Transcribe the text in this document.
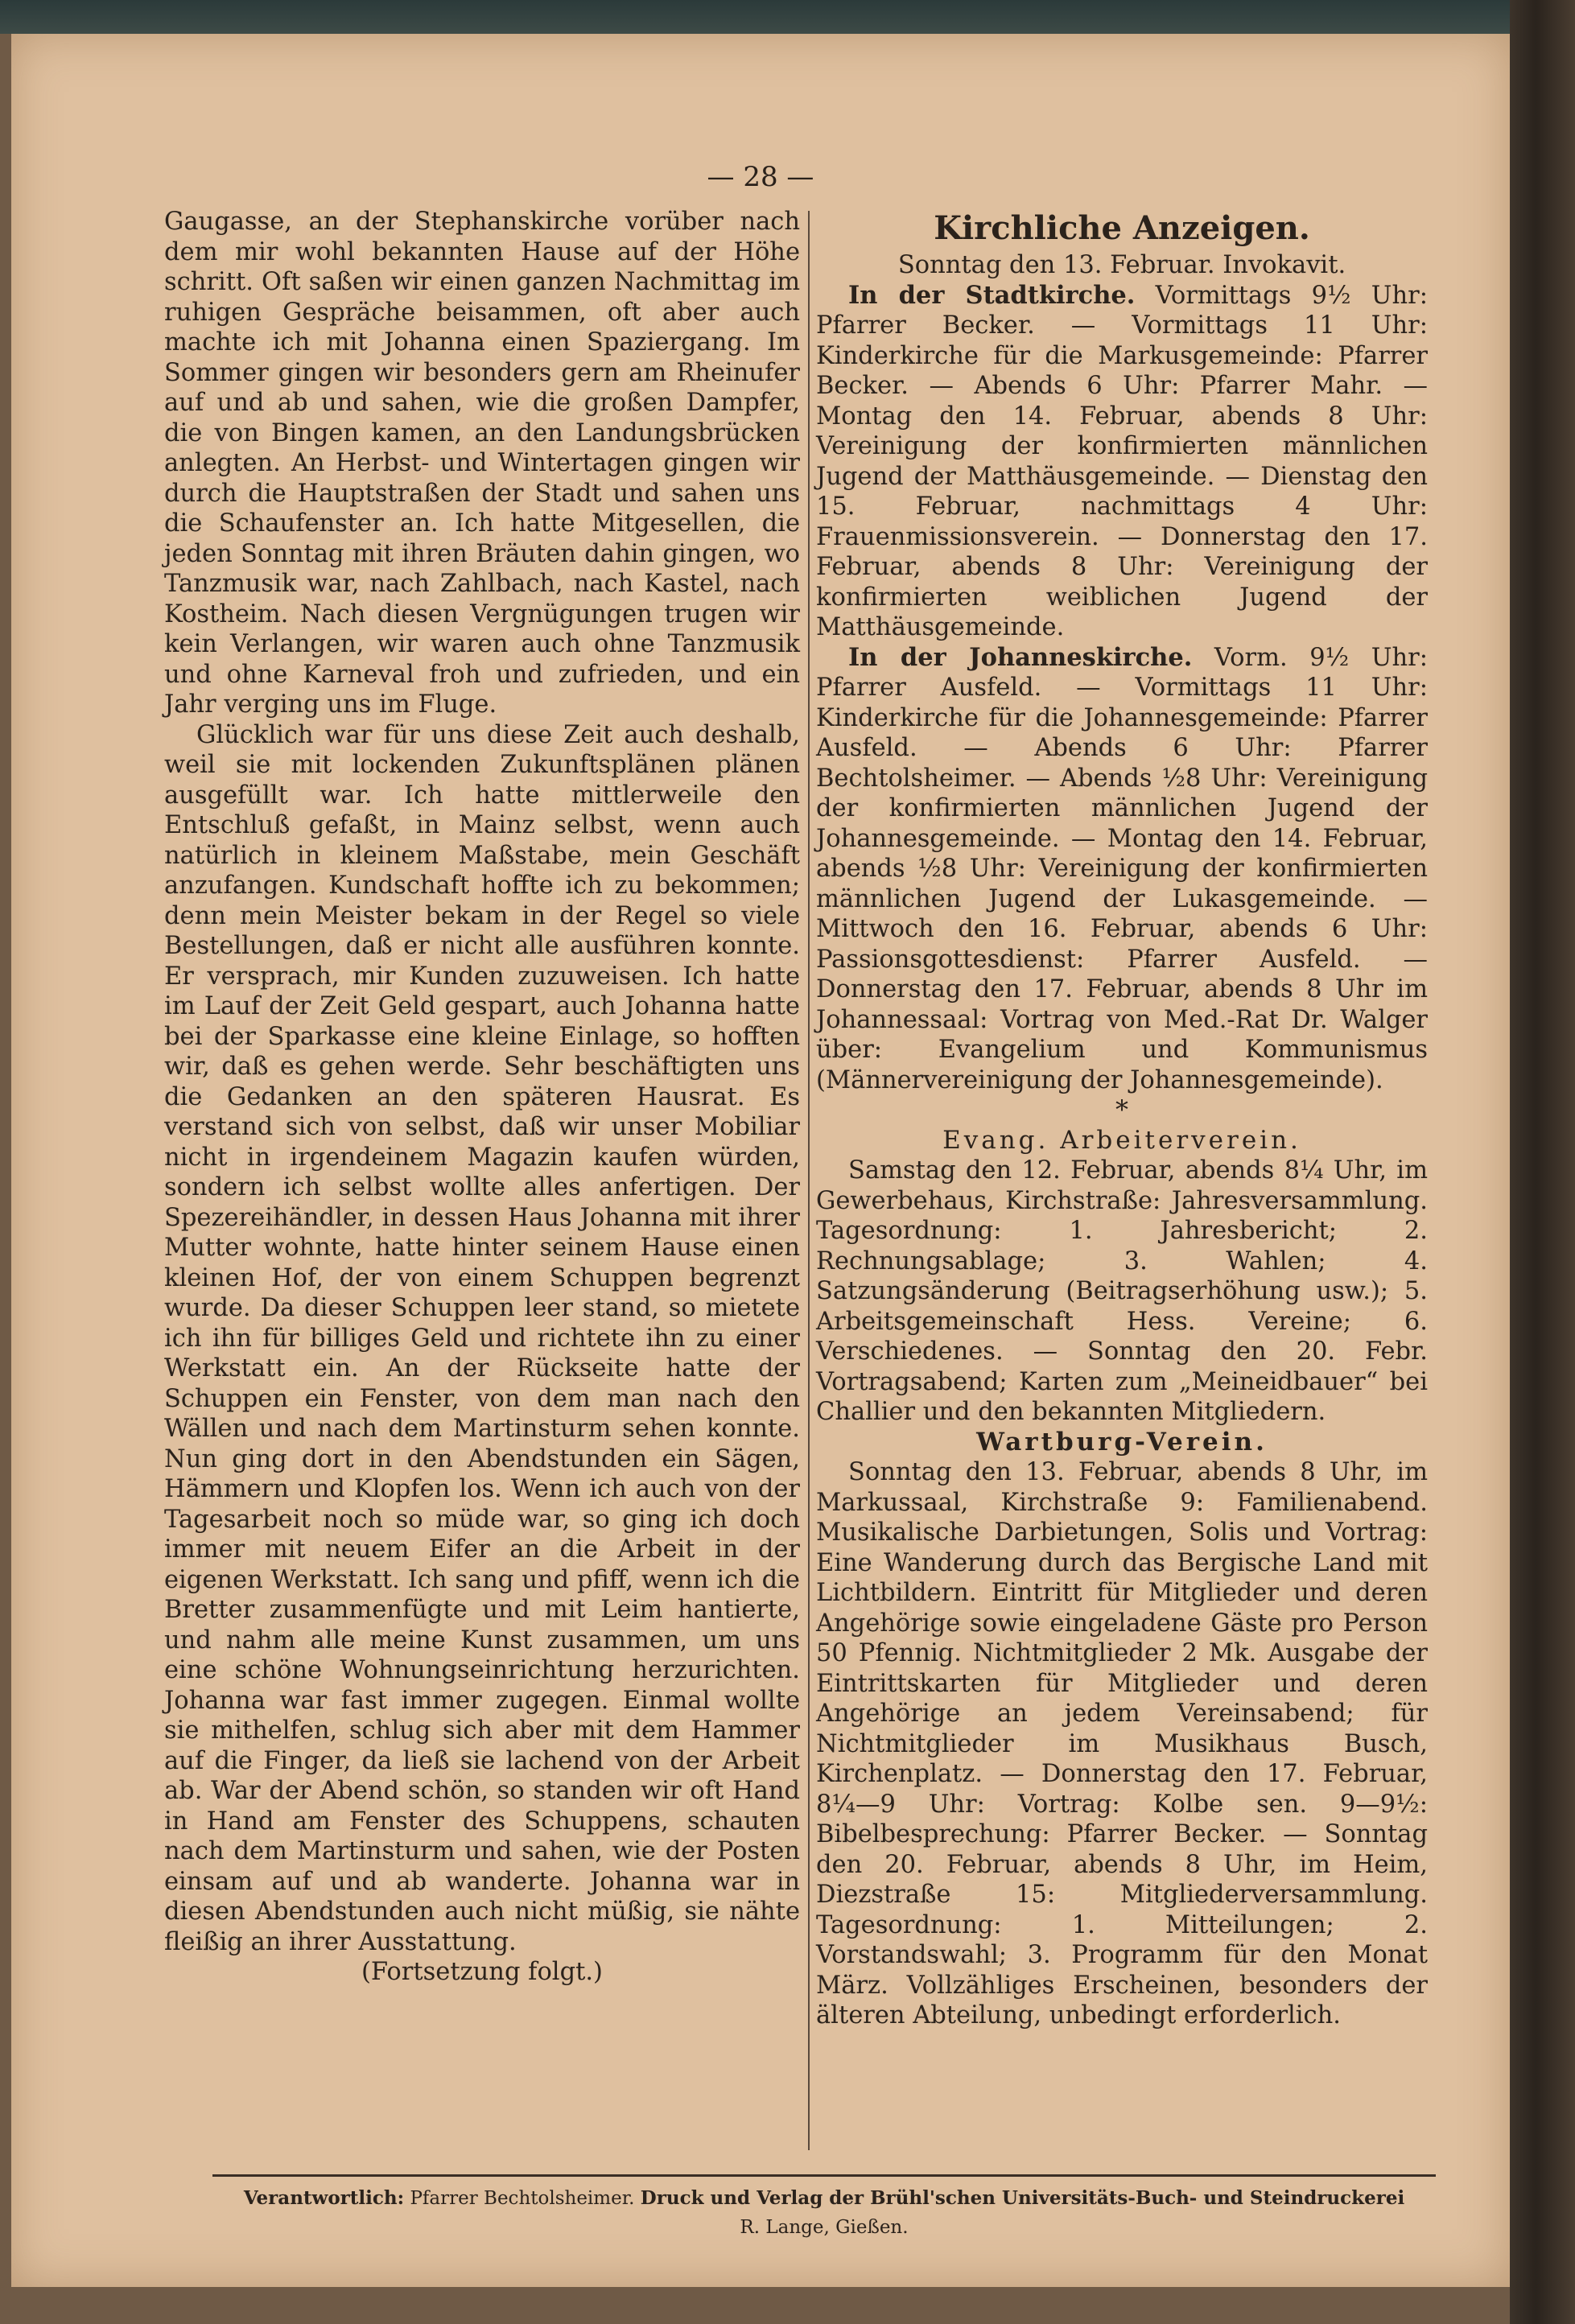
— 28 —

Gaugasse, an der Stephanskirche vorüber nach dem mir wohl bekannten Hause auf der Höhe schritt. Oft saßen wir einen ganzen Nachmittag im ruhigen Gespräche beisammen, oft aber auch machte ich mit Johanna einen Spaziergang. Im Sommer gingen wir besonders gern am Rheinufer auf und ab und sahen, wie die großen Dampfer, die von Bingen kamen, an den Landungsbrücken anlegten. An Herbst- und Wintertagen gingen wir durch die Hauptstraßen der Stadt und sahen uns die Schaufenster an. Ich hatte Mitgesellen, die jeden Sonntag mit ihren Bräuten dahin gingen, wo Tanzmusik war, nach Zahlbach, nach Kastel, nach Kostheim. Nach diesen Vergnügungen trugen wir kein Verlangen, wir waren auch ohne Tanzmusik und ohne Karneval froh und zufrieden, und ein Jahr verging uns im Fluge.

Glücklich war für uns diese Zeit auch deshalb, weil sie mit lockenden Zukunftsplänen plänen ausgefüllt war. Ich hatte mittlerweile den Entschluß gefaßt, in Mainz selbst, wenn auch natürlich in kleinem Maßstabe, mein Geschäft anzufangen. Kundschaft hoffte ich zu bekommen; denn mein Meister bekam in der Regel so viele Bestellungen, daß er nicht alle ausführen konnte. Er versprach, mir Kunden zuzuweisen. Ich hatte im Lauf der Zeit Geld gespart, auch Johanna hatte bei der Sparkasse eine kleine Einlage, so hofften wir, daß es gehen werde. Sehr beschäftigten uns die Gedanken an den späteren Hausrat. Es verstand sich von selbst, daß wir unser Mobiliar nicht in irgendeinem Magazin kaufen würden, sondern ich selbst wollte alles anfertigen. Der Spezereihändler, in dessen Haus Johanna mit ihrer Mutter wohnte, hatte hinter seinem Hause einen kleinen Hof, der von einem Schuppen begrenzt wurde. Da dieser Schuppen leer stand, so mietete ich ihn für billiges Geld und richtete ihn zu einer Werkstatt ein. An der Rückseite hatte der Schuppen ein Fenster, von dem man nach den Wällen und nach dem Martinsturm sehen konnte. Nun ging dort in den Abendstunden ein Sägen, Hämmern und Klopfen los. Wenn ich auch von der Tagesarbeit noch so müde war, so ging ich doch immer mit neuem Eifer an die Arbeit in der eigenen Werkstatt. Ich sang und pfiff, wenn ich die Bretter zusammenfügte und mit Leim hantierte, und nahm alle meine Kunst zusammen, um uns eine schöne Wohnungseinrichtung herzurichten. Johanna war fast immer zugegen. Einmal wollte sie mithelfen, schlug sich aber mit dem Hammer auf die Finger, da ließ sie lachend von der Arbeit ab. War der Abend schön, so standen wir oft Hand in Hand am Fenster des Schuppens, schauten nach dem Martinsturm und sahen, wie der Posten einsam auf und ab wanderte. Johanna war in diesen Abendstunden auch nicht müßig, sie nähte fleißig an ihrer Ausstattung.

(Fortsetzung folgt.)

Kirchliche Anzeigen.

Sonntag den 13. Februar. Invokavit.

In der Stadtkirche. Vormittags 9½ Uhr: Pfarrer Becker. — Vormittags 11 Uhr: Kinderkirche für die Markusgemeinde: Pfarrer Becker. — Abends 6 Uhr: Pfarrer Mahr. — Montag den 14. Februar, abends 8 Uhr: Vereinigung der konfirmierten männlichen Jugend der Matthäusgemeinde. — Dienstag den 15. Februar, nachmittags 4 Uhr: Frauenmissionsverein. — Donnerstag den 17. Februar, abends 8 Uhr: Vereinigung der konfirmierten weiblichen Jugend der Matthäusgemeinde.

In der Johanneskirche. Vorm. 9½ Uhr: Pfarrer Ausfeld. — Vormittags 11 Uhr: Kinderkirche für die Johannesgemeinde: Pfarrer Ausfeld. — Abends 6 Uhr: Pfarrer Bechtolsheimer. — Abends ½8 Uhr: Vereinigung der konfirmierten männlichen Jugend der Johannesgemeinde. — Montag den 14. Februar, abends ½8 Uhr: Vereinigung der konfirmierten männlichen Jugend der Lukasgemeinde. — Mittwoch den 16. Februar, abends 6 Uhr: Passionsgottesdienst: Pfarrer Ausfeld. — Donnerstag den 17. Februar, abends 8 Uhr im Johannessaal: Vortrag von Med.-Rat Dr. Walger über: Evangelium und Kommunismus (Männervereinigung der Johannesgemeinde).

*

Evang. Arbeiterverein.

Samstag den 12. Februar, abends 8¼ Uhr, im Gewerbehaus, Kirchstraße: Jahresversammlung. Tagesordnung: 1. Jahresbericht; 2. Rechnungsablage; 3. Wahlen; 4. Satzungsänderung (Beitragserhöhung usw.); 5. Arbeitsgemeinschaft Hess. Vereine; 6. Verschiedenes. — Sonntag den 20. Febr. Vortragsabend; Karten zum „Meineidbauer“ bei Challier und den bekannten Mitgliedern.

Wartburg-Verein.

Sonntag den 13. Februar, abends 8 Uhr, im Markussaal, Kirchstraße 9: Familienabend. Musikalische Darbietungen, Solis und Vortrag: Eine Wanderung durch das Bergische Land mit Lichtbildern. Eintritt für Mitglieder und deren Angehörige sowie eingeladene Gäste pro Person 50 Pfennig. Nichtmitglieder 2 Mk. Ausgabe der Eintrittskarten für Mitglieder und deren Angehörige an jedem Vereinsabend; für Nichtmitglieder im Musikhaus Busch, Kirchenplatz. — Donnerstag den 17. Februar, 8¼—9 Uhr: Vortrag: Kolbe sen. 9—9½: Bibelbesprechung: Pfarrer Becker. — Sonntag den 20. Februar, abends 8 Uhr, im Heim, Diezstraße 15: Mitgliederversammlung. Tagesordnung: 1. Mitteilungen; 2. Vorstandswahl; 3. Programm für den Monat März. Vollzähliges Erscheinen, besonders der älteren Abteilung, unbedingt erforderlich.

Verantwortlich: Pfarrer Bechtolsheimer. Druck und Verlag der Brühl'schen Universitäts-Buch- und Steindruckerei
R. Lange, Gießen.
